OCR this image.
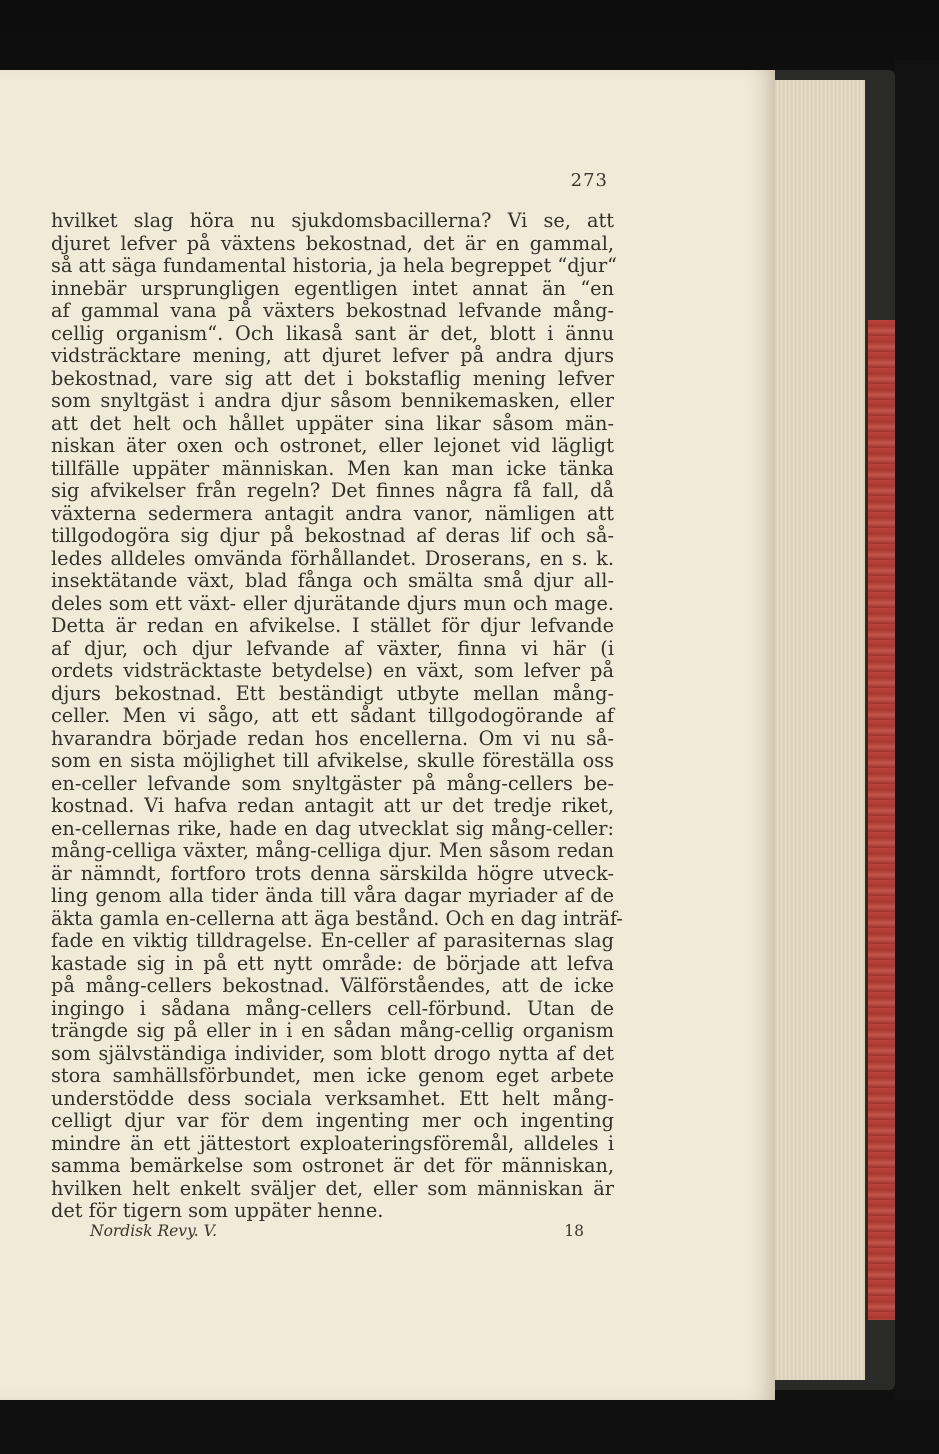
273
hvilket slag höra nu sjukdomsbacillerna? Vi se, att
djuret lefver på växtens bekostnad, det är en gammal,
så att säga fundamental historia, ja hela begreppet “djur“
innebär ursprungligen egentligen intet annat än “en
af gammal vana på växters bekostnad lefvande mång-
cellig organism“. Och likaså sant är det, blott i ännu
vidsträcktare mening, att djuret lefver på andra djurs
bekostnad, vare sig att det i bokstaflig mening lefver
som snyltgäst i andra djur såsom bennikemasken, eller
att det helt och hållet uppäter sina likar såsom män-
niskan äter oxen och ostronet, eller lejonet vid lägligt
tillfälle uppäter människan. Men kan man icke tänka
sig afvikelser från regeln? Det finnes några få fall, då
växterna sedermera antagit andra vanor, nämligen att
tillgodogöra sig djur på bekostnad af deras lif och så-
ledes alldeles omvända förhållandet. Droserans, en s. k.
insektätande växt, blad fånga och smälta små djur all-
deles som ett växt- eller djurätande djurs mun och mage.
Detta är redan en afvikelse. I stället för djur lefvande
af djur, och djur lefvande af växter, finna vi här (i
ordets vidsträcktaste betydelse) en växt, som lefver på
djurs bekostnad. Ett beständigt utbyte mellan mång-
celler. Men vi sågo, att ett sådant tillgodogörande af
hvarandra började redan hos encellerna. Om vi nu så-
som en sista möjlighet till afvikelse, skulle föreställa oss
en-celler lefvande som snyltgäster på mång-cellers be-
kostnad. Vi hafva redan antagit att ur det tredje riket,
en-cellernas rike, hade en dag utvecklat sig mång-celler:
mång-celliga växter, mång-celliga djur. Men såsom redan
är nämndt, fortforo trots denna särskilda högre utveck-
ling genom alla tider ända till våra dagar myriader af de
äkta gamla en-cellerna att äga bestånd. Och en dag inträf-
fade en viktig tilldragelse. En-celler af parasiternas slag
kastade sig in på ett nytt område: de började att lefva
på mång-cellers bekostnad. Välförståendes, att de icke
ingingo i sådana mång-cellers cell-förbund. Utan de
trängde sig på eller in i en sådan mång-cellig organism
som självständiga individer, som blott drogo nytta af det
stora samhällsförbundet, men icke genom eget arbete
understödde dess sociala verksamhet. Ett helt mång-
celligt djur var för dem ingenting mer och ingenting
mindre än ett jättestort exploateringsföremål, alldeles i
samma bemärkelse som ostronet är det för människan,
hvilken helt enkelt sväljer det, eller som människan är
det för tigern som uppäter henne.
Nordisk Revy. V.	18
